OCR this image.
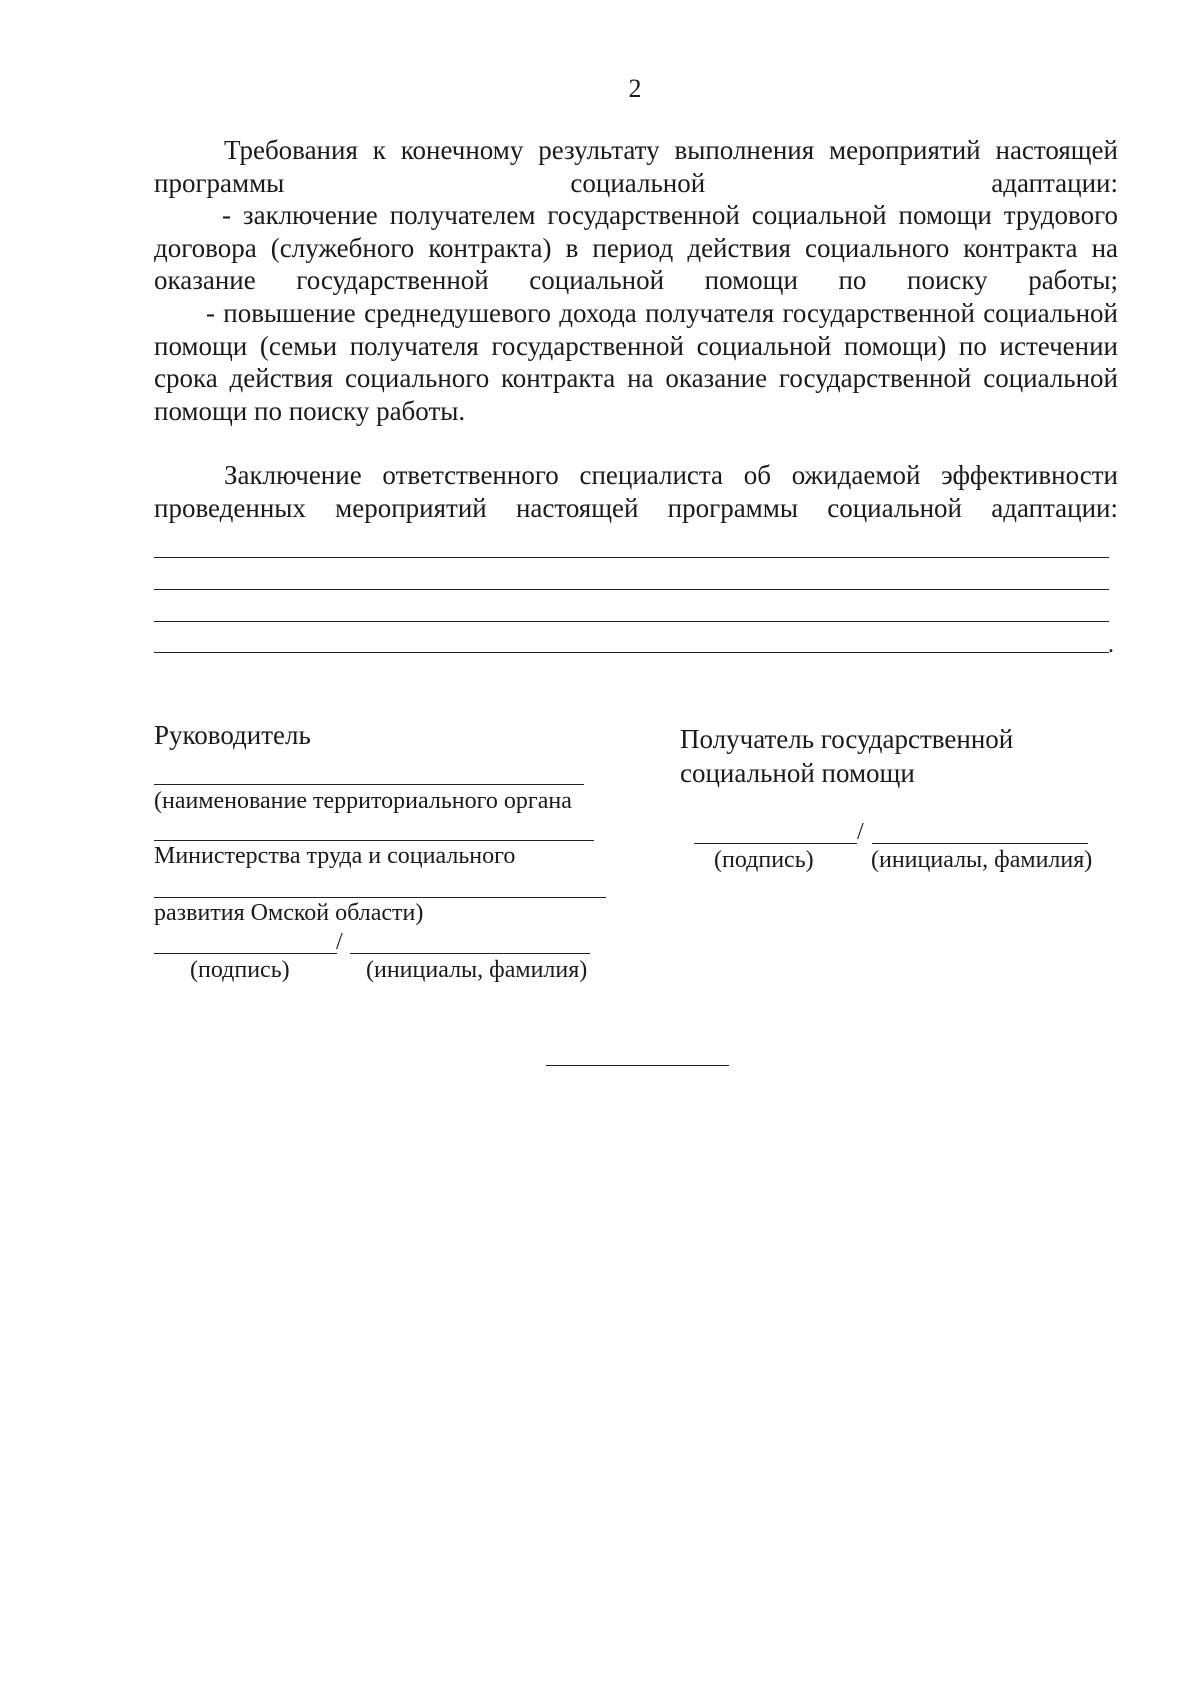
2

Требования к конечному результату выполнения мероприятий настоящей программы социальной адаптации:

- заключение получателем государственной социальной помощи трудового договора (служебного контракта) в период действия социального контракта на оказание государственной социальной помощи по поиску работы;

- повышение среднедушевого дохода получателя государственной социальной помощи (семьи получателя государственной социальной помощи) по истечении срока действия социального контракта на оказание государственной социальной помощи по поиску работы.

Заключение ответственного специалиста об ожидаемой эффективности проведенных мероприятий настоящей программы социальной адаптации:

.
Руководитель
(наименование территориального органа
Министерства труда и социального
развития Омской области)
/
(подпись)	(инициалы, фамилия)
Получатель государственной
социальной помощи
/
(подпись) (инициалы, фамилия)
